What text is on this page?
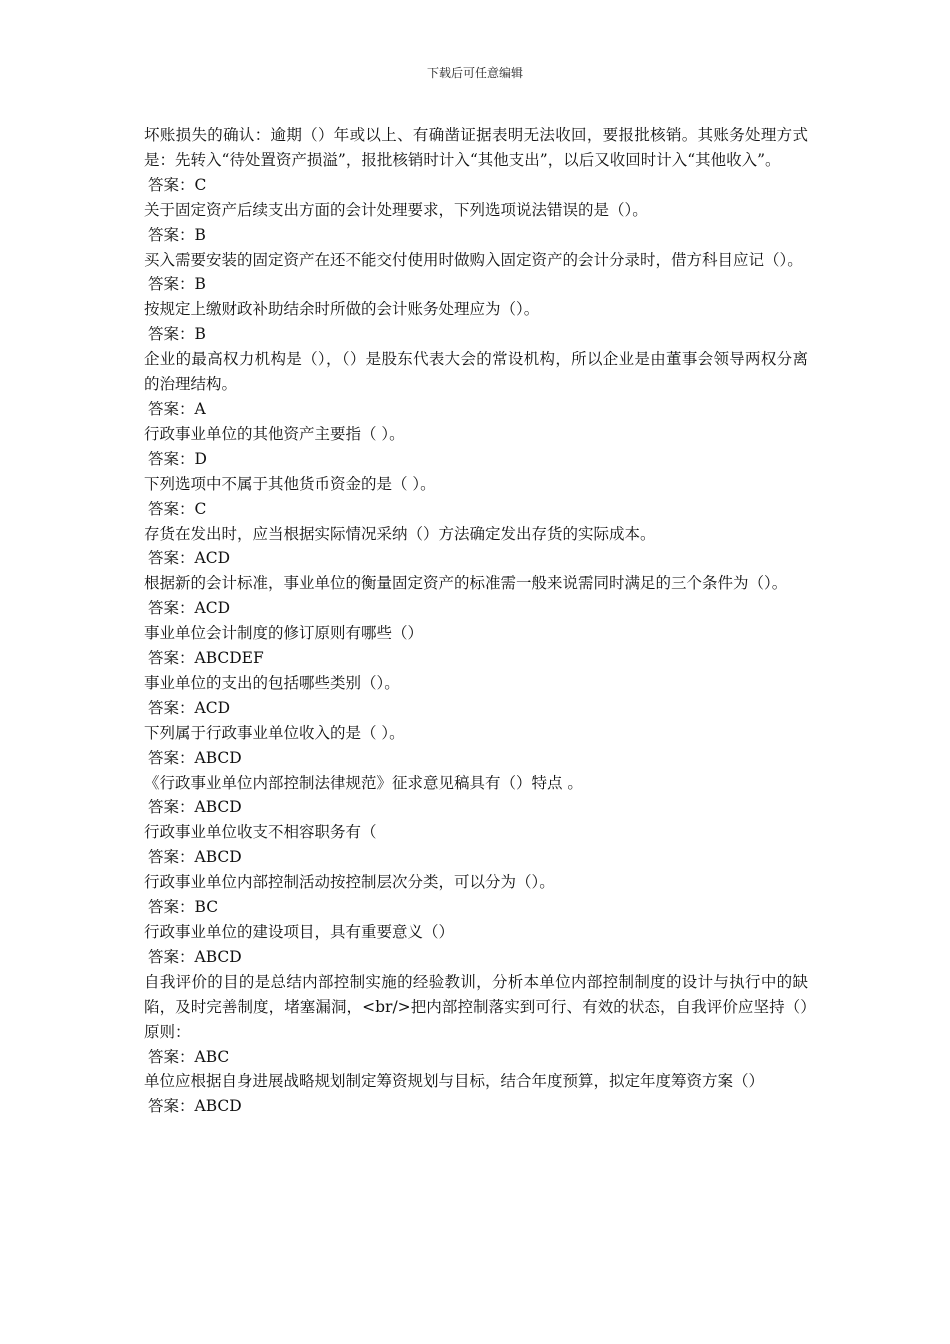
下载后可任意编辑

坏账损失的确认：逾期（）年或以上、有确凿证据表明无法收回，要报批核销。其账务处理方式是：先转入“待处置资产损溢”，报批核销时计入“其他支出”，以后又收回时计入“其他收入”。

答案：C

关于固定资产后续支出方面的会计处理要求，下列选项说法错误的是（）。

答案：B

买入需要安装的固定资产在还不能交付使用时做购入固定资产的会计分录时，借方科目应记（）。

答案：B

按规定上缴财政补助结余时所做的会计账务处理应为（）。

答案：B

企业的最高权力机构是（），（）是股东代表大会的常设机构，所以企业是由董事会领导两权分离的治理结构。

答案：A

行政事业单位的其他资产主要指（ ）。

答案：D

下列选项中不属于其他货币资金的是（ ）。

答案：C

存货在发出时，应当根据实际情况采纳（）方法确定发出存货的实际成本。

答案：ACD

根据新的会计标准，事业单位的衡量固定资产的标准需一般来说需同时满足的三个条件为（）。

答案：ACD

事业单位会计制度的修订原则有哪些（）

答案：ABCDEF

事业单位的支出的包括哪些类别（）。

答案：ACD

下列属于行政事业单位收入的是（ ）。

答案：ABCD

《行政事业单位内部控制法律规范》征求意见稿具有（）特点 。

答案：ABCD

行政事业单位收支不相容职务有（

答案：ABCD

行政事业单位内部控制活动按控制层次分类，可以分为（）。

答案：BC

行政事业单位的建设项目，具有重要意义（）

答案：ABCD

自我评价的目的是总结内部控制实施的经验教训，分析本单位内部控制制度的设计与执行中的缺陷，及时完善制度，堵塞漏洞，<br/>把内部控制落实到可行、有效的状态，自我评价应坚持（）原则：

答案：ABC

单位应根据自身进展战略规划制定筹资规划与目标，结合年度预算，拟定年度筹资方案（）

答案：ABCD
